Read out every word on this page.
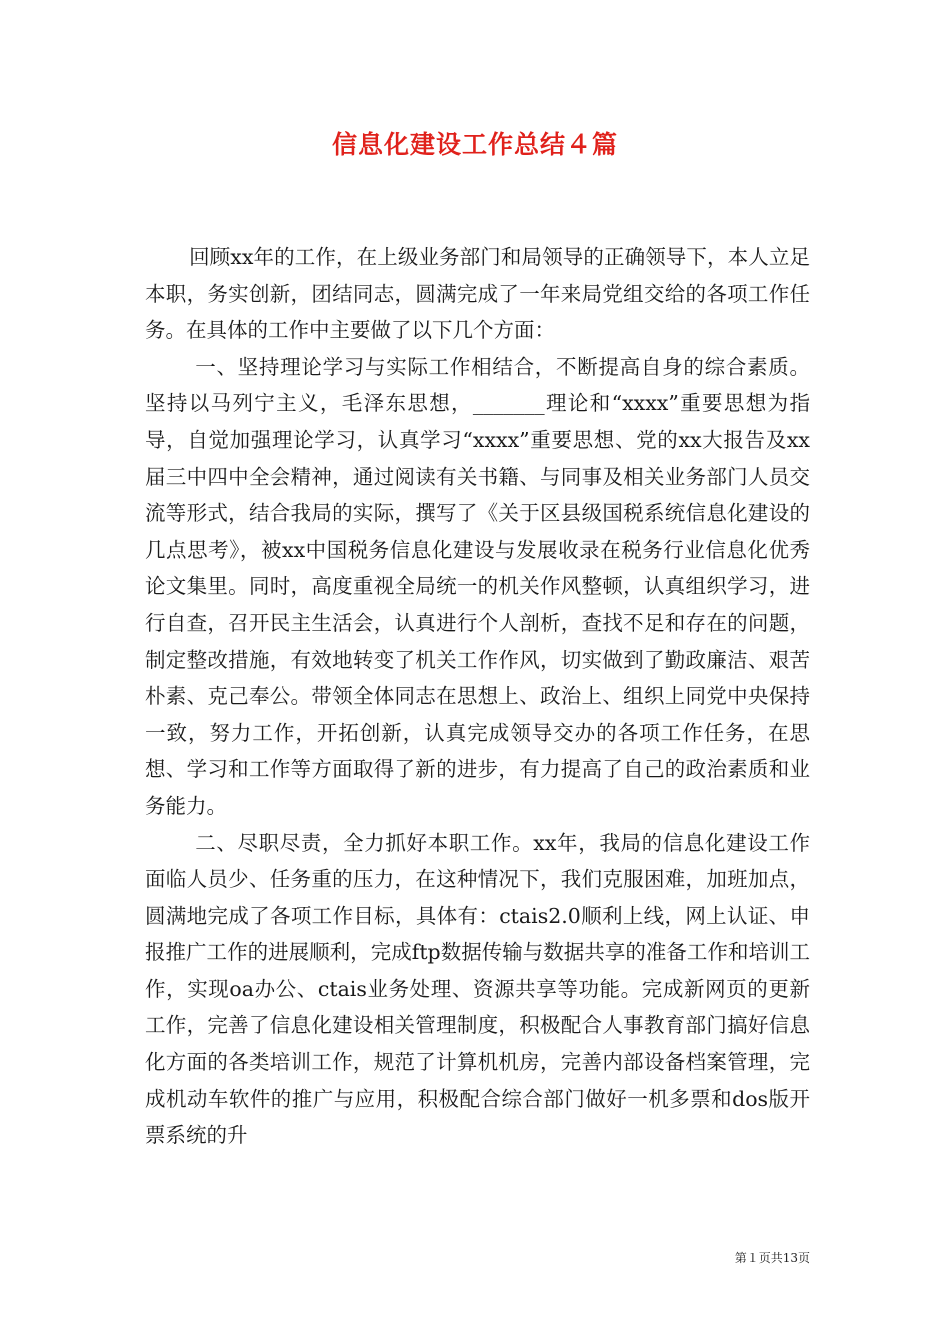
信息化建设工作总结４篇

回顾xx年的工作，在上级业务部门和局领导的正确领导下，本人立足本职，务实创新，团结同志，圆满完成了一年来局党组交给的各项工作任务。在具体的工作中主要做了以下几个方面：

一、坚持理论学习与实际工作相结合，不断提高自身的综合素质。坚持以马列宁主义，毛泽东思想，_______理论和“xxxx”重要思想为指导，自觉加强理论学习，认真学习“xxxx”重要思想、党的xx大报告及xx届三中四中全会精神，通过阅读有关书籍、与同事及相关业务部门人员交流等形式，结合我局的实际，撰写了《关于区县级国税系统信息化建设的几点思考》，被xx中国税务信息化建设与发展收录在税务行业信息化优秀论文集里。同时，高度重视全局统一的机关作风整顿，认真组织学习，进行自查，召开民主生活会，认真进行个人剖析，查找不足和存在的问题，制定整改措施，有效地转变了机关工作作风，切实做到了勤政廉洁、艰苦朴素、克己奉公。带领全体同志在思想上、政治上、组织上同党中央保持一致，努力工作，开拓创新，认真完成领导交办的各项工作任务，在思想、学习和工作等方面取得了新的进步，有力提高了自己的政治素质和业务能力。

二、尽职尽责，全力抓好本职工作。xx年，我局的信息化建设工作面临人员少、任务重的压力，在这种情况下，我们克服困难，加班加点，圆满地完成了各项工作目标，具体有：ctais2.0顺利上线，网上认证、申报推广工作的进展顺利，完成ftp数据传输与数据共享的准备工作和培训工作，实现oa办公、ctais业务处理、资源共享等功能。完成新网页的更新工作，完善了信息化建设相关管理制度，积极配合人事教育部门搞好信息化方面的各类培训工作，规范了计算机机房，完善内部设备档案管理，完成机动车软件的推广与应用，积极配合综合部门做好一机多票和dos版开票系统的升

第１页共13页
